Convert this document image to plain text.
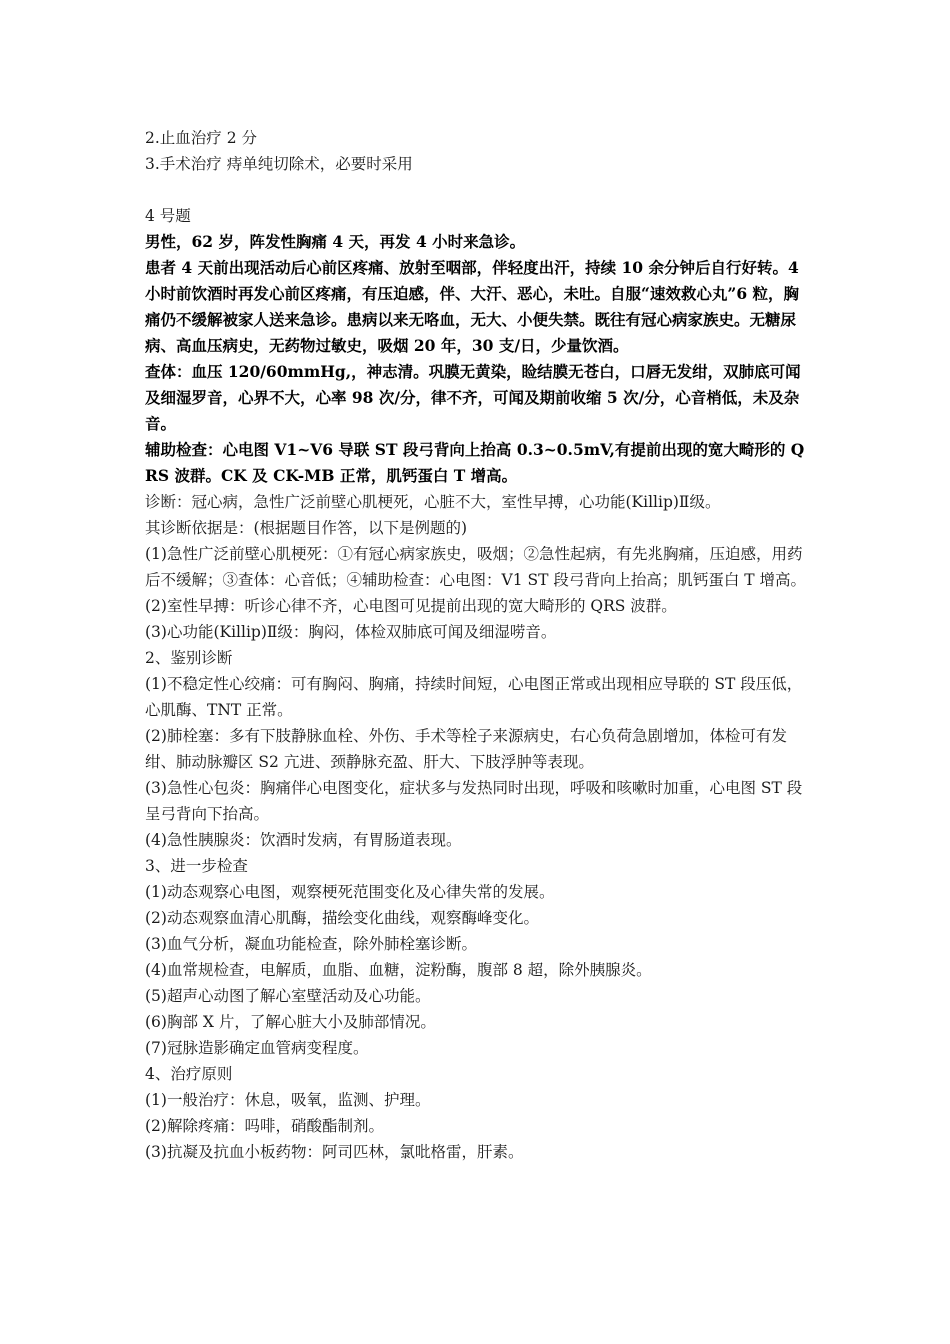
2.止血治疗 2 分

3.手术治疗 痔单纯切除术，必要时采用

4 号题

男性，62 岁，阵发性胸痛 4 天，再发 4 小时来急诊。

患者 4 天前出现活动后心前区疼痛、放射至咽部，伴轻度出汗，持续 10 余分钟后自行好转。4 小时前饮酒时再发心前区疼痛，有压迫感，伴、大汗、恶心，未吐。自服“速效救心丸”6 粒，胸痛仍不缓解被家人送来急诊。患病以来无咯血，无大、小便失禁。既往有冠心病家族史。无糖尿病、高血压病史，无药物过敏史，吸烟 20 年，30 支/日，少量饮酒。

查体：血压 120/60mmHg,，神志清。巩膜无黄染，睑结膜无苍白，口唇无发绀，双肺底可闻及细湿罗音，心界不大，心率 98 次/分，律不齐，可闻及期前收缩 5 次/分，心音梢低，未及杂音。

辅助检查：心电图 V1~V6 导联 ST 段弓背向上抬高 0.3~0.5mV,有提前出现的宽大畸形的 QRS 波群。CK 及 CK-MB 正常，肌钙蛋白 T 增高。

诊断：冠心病，急性广泛前壁心肌梗死，心脏不大，室性早搏，心功能(Killip)Ⅱ级。

其诊断依据是：(根据题目作答，以下是例题的)

(1)急性广泛前壁心肌梗死：①有冠心病家族史，吸烟；②急性起病，有先兆胸痛，压迫感，用药后不缓解；③查体：心音低；④辅助检查：心电图：V1 ST 段弓背向上抬高；肌钙蛋白 T 增高。

(2)室性早搏：听诊心律不齐，心电图可见提前出现的宽大畸形的 QRS 波群。

(3)心功能(Killip)Ⅱ级：胸闷，体检双肺底可闻及细湿唠音。

2、鉴别诊断

(1)不稳定性心绞痛：可有胸闷、胸痛，持续时间短，心电图正常或出现相应导联的 ST 段压低，心肌酶、TNT 正常。

(2)肺栓塞：多有下肢静脉血栓、外伤、手术等栓子来源病史，右心负荷急剧增加，体检可有发绀、肺动脉瓣区 S2 亢进、颈静脉充盈、肝大、下肢浮肿等表现。

(3)急性心包炎：胸痛伴心电图变化，症状多与发热同时出现，呼吸和咳嗽时加重，心电图 ST 段呈弓背向下抬高。

(4)急性胰腺炎：饮酒时发病，有胃肠道表现。

3、进一步检查

(1)动态观察心电图，观察梗死范围变化及心律失常的发展。

(2)动态观察血清心肌酶，描绘变化曲线，观察酶峰变化。

(3)血气分析，凝血功能检查，除外肺栓塞诊断。

(4)血常规检查，电解质，血脂、血糖，淀粉酶，腹部 8 超，除外胰腺炎。

(5)超声心动图了解心室壁活动及心功能。

(6)胸部 X 片，了解心脏大小及肺部情况。

(7)冠脉造影确定血管病变程度。

4、治疗原则

(1)一般治疗：休息，吸氧，监测、护理。

(2)解除疼痛：吗啡，硝酸酯制剂。

(3)抗凝及抗血小板药物：阿司匹林，氯吡格雷，肝素。
